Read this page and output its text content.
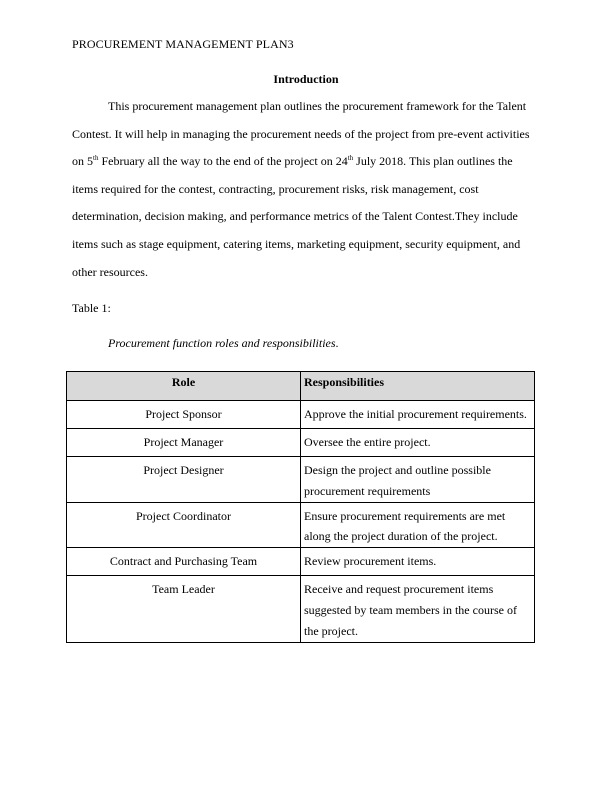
PROCUREMENT MANAGEMENT PLAN3
Introduction

This procurement management plan outlines the procurement framework for the Talent Contest. It will help in managing the procurement needs of the project from pre-event activities on 5th February all the way to the end of the project on 24th July 2018. This plan outlines the items required for the contest, contracting, procurement risks, risk management, cost determination, decision making, and performance metrics of the Talent Contest.They include items such as stage equipment, catering items, marketing equipment, security equipment, and other resources.

Table 1:
Procurement function roles and responsibilities.
Role	Responsibilities
Project Sponsor	Approve the initial procurement requirements.
Project Manager	Oversee the entire project.
Project Designer	Design the project and outline possible procurement requirements
Project Coordinator	Ensure procurement requirements are met along the project duration of the project.
Contract and Purchasing Team	Review procurement items.
Team Leader	Receive and request procurement items suggested by team members in the course of the project.
